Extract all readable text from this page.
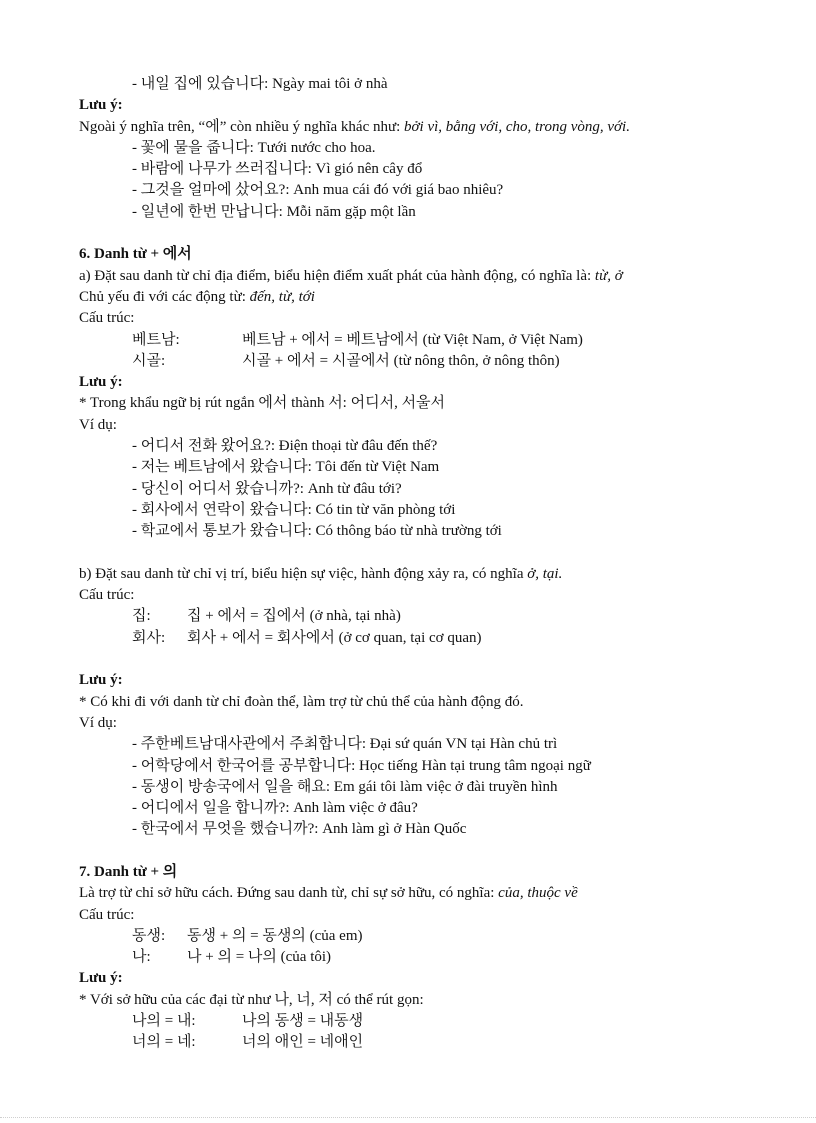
- 내일 집에 있습니다: Ngày mai tôi ở nhà
Lưu ý:
Ngoài ý nghĩa trên, “에” còn nhiều ý nghĩa khác như: bởi vì, bằng với, cho, trong vòng, với.
- 꽃에 물을 줍니다: Tưới nước cho hoa.
- 바람에 나무가 쓰러집니다: Vì gió nên cây đổ
- 그것을 얼마에 샀어요?: Anh mua cái đó với giá bao nhiêu?
- 일년에 한번 만납니다: Mỗi năm gặp một lần
6. Danh từ + 에서
a) Đặt sau danh từ chỉ địa điểm, biểu hiện điểm xuất phát của hành động, có nghĩa là: từ, ở
Chủ yếu đi với các động từ: đến, từ, tới
Cấu trúc:
베트남:	베트남 + 에서 = 베트남에서 (từ Việt Nam, ở Việt Nam)
시골:	시골 + 에서 = 시골에서 (từ nông thôn, ở nông thôn)
Lưu ý:
* Trong khẩu ngữ bị rút ngắn 에서 thành 서: 어디서, 서울서
Ví dụ:
- 어디서 전화 왔어요?: Điện thoại từ đâu đến thế?
- 저는 베트남에서 왔습니다: Tôi đến từ Việt Nam
- 당신이 어디서 왔습니까?: Anh từ đâu tới?
- 회사에서 연락이 왔습니다: Có tin từ văn phòng tới
- 학교에서 통보가 왔습니다: Có thông báo từ nhà trường tới
b) Đặt sau danh từ chỉ vị trí, biểu hiện sự việc, hành động xảy ra, có nghĩa ở, tại.
Cấu trúc:
집: 집 + 에서 = 집에서 (ở nhà, tại nhà)
회사: 회사 + 에서 = 회사에서 (ở cơ quan, tại cơ quan)
Lưu ý:
* Có khi đi với danh từ chỉ đoàn thể, làm trợ từ chủ thể của hành động đó.
Ví dụ:
- 주한베트남대사관에서 주최합니다: Đại sứ quán VN tại Hàn chủ trì
- 어학당에서 한국어를 공부합니다: Học tiếng Hàn tại trung tâm ngoại ngữ
- 동생이 방송국에서 일을 해요: Em gái tôi làm việc ở đài truyền hình
- 어디에서 일을 합니까?: Anh làm việc ở đâu?
- 한국에서 무엇을 했습니까?: Anh làm gì ở Hàn Quốc
7. Danh từ + 의
Là trợ từ chỉ sở hữu cách. Đứng sau danh từ, chỉ sự sở hữu, có nghĩa: của, thuộc về
Cấu trúc:
동생: 동생 + 의 = 동생의 (của em)
나: 나 + 의 = 나의 (của tôi)
Lưu ý:
* Với sở hữu của các đại từ như 나, 너, 저 có thể rút gọn:
나의 = 내:	나의 동생 = 내동생
너의 = 네:	너의 애인 = 네애인
